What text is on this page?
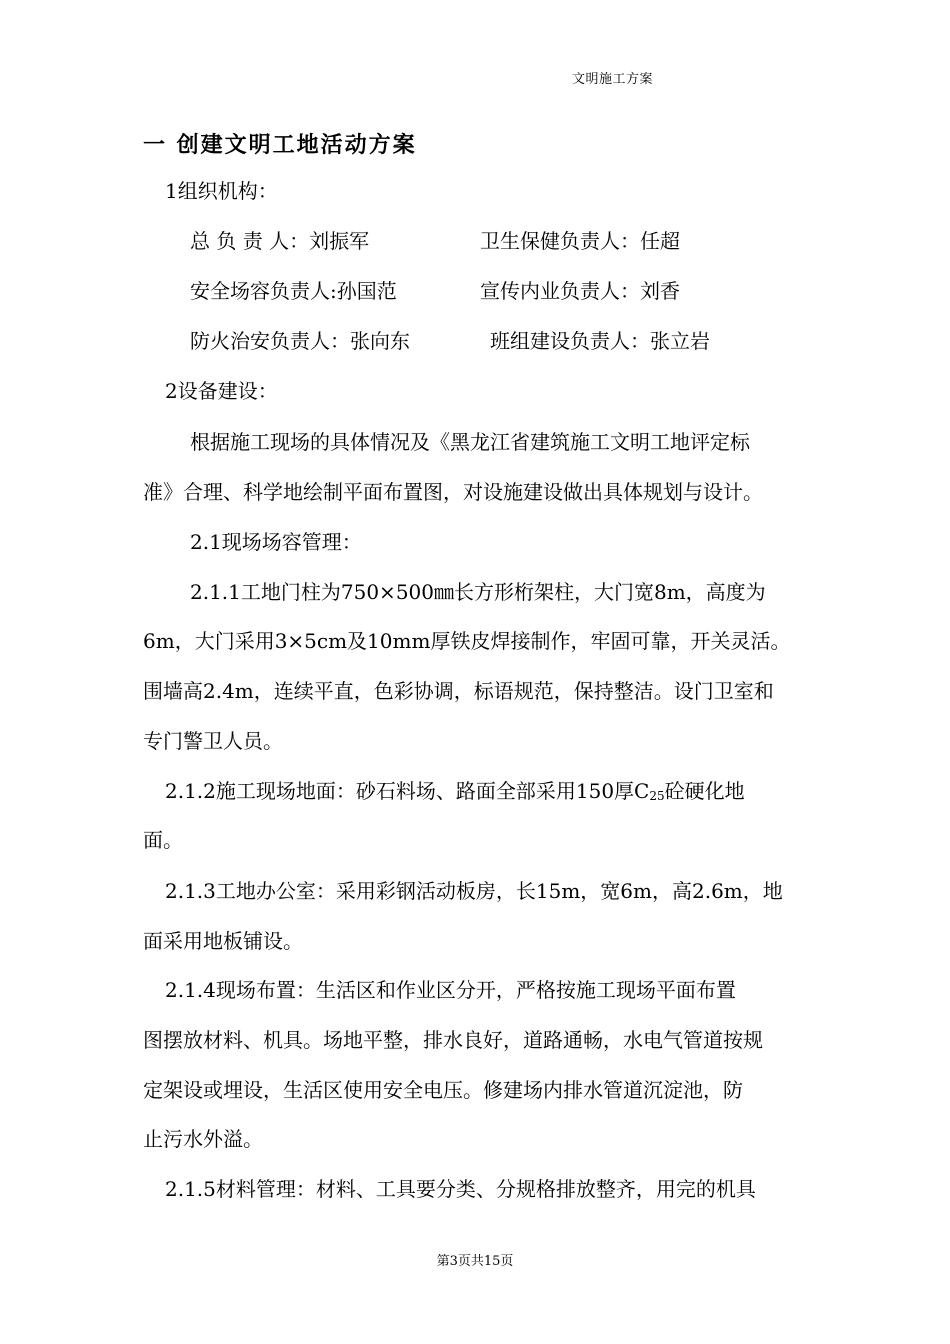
文明施工方案
一 创建文明工地活动方案
1组织机构：
总 负 责 人：刘振军	卫生保健负责人：任超
安全场容负责人:孙国范	宣传内业负责人：刘香
防火治安负责人：张向东	班组建设负责人：张立岩
2设备建设：
根据施工现场的具体情况及《黑龙江省建筑施工文明工地评定标
准》合理、科学地绘制平面布置图，对设施建设做出具体规划与设计。
2.1现场场容管理：
2.1.1工地门柱为750×500㎜长方形桁架柱，大门宽8m，高度为
6m，大门采用3×5cm及10mm厚铁皮焊接制作，牢固可靠，开关灵活。
围墙高2.4m，连续平直，色彩协调，标语规范，保持整洁。设门卫室和
专门警卫人员。
2.1.2施工现场地面：砂石料场、路面全部采用150厚$C_{25}$砼硬化地
面。
2.1.3工地办公室：采用彩钢活动板房，长15m，宽6m，高2.6m，地
面采用地板铺设。
2.1.4现场布置：生活区和作业区分开，严格按施工现场平面布置
图摆放材料、机具。场地平整，排水良好，道路通畅，水电气管道按规
定架设或埋设，生活区使用安全电压。修建场内排水管道沉淀池，防
止污水外溢。
2.1.5材料管理：材料、工具要分类、分规格排放整齐，用完的机具
第3页共15页
